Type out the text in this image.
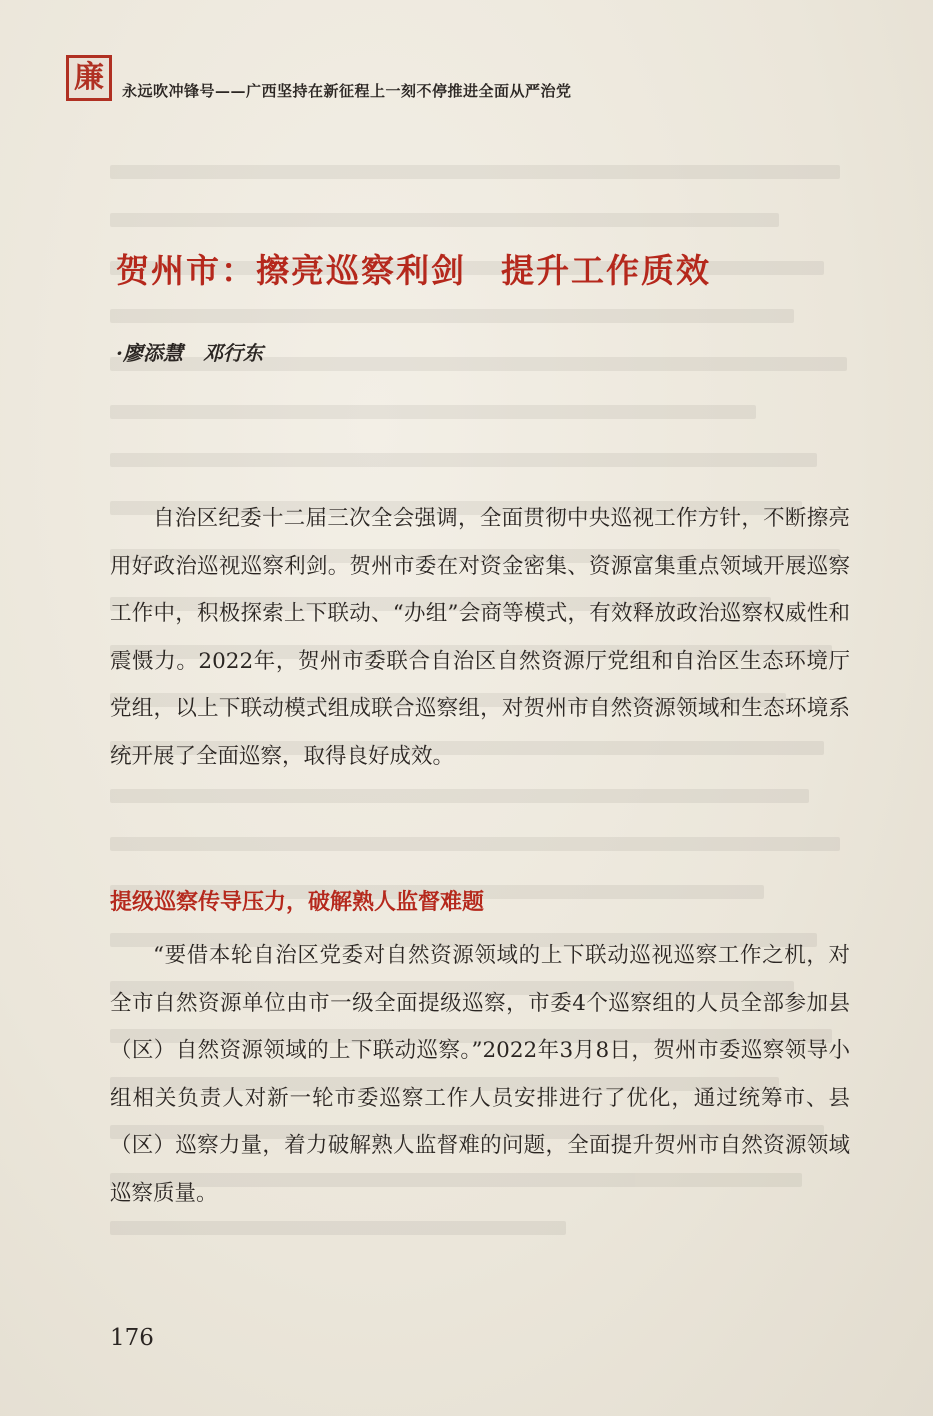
廉 永远吹冲锋号——广西坚持在新征程上一刻不停推进全面从严治党
贺州市：擦亮巡察利剑　提升工作质效
·廖添慧　邓行东

自治区纪委十二届三次全会强调，全面贯彻中央巡视工作方针，不断擦亮用好政治巡视巡察利剑。贺州市委在对资金密集、资源富集重点领域开展巡察工作中，积极探索上下联动、“办组”会商等模式，有效释放政治巡察权威性和震慑力。2022年，贺州市委联合自治区自然资源厅党组和自治区生态环境厅党组，以上下联动模式组成联合巡察组，对贺州市自然资源领域和生态环境系统开展了全面巡察，取得良好成效。

提级巡察传导压力，破解熟人监督难题

“要借本轮自治区党委对自然资源领域的上下联动巡视巡察工作之机，对全市自然资源单位由市一级全面提级巡察，市委4个巡察组的人员全部参加县（区）自然资源领域的上下联动巡察。”2022年3月8日，贺州市委巡察领导小组相关负责人对新一轮市委巡察工作人员安排进行了优化，通过统筹市、县（区）巡察力量，着力破解熟人监督难的问题，全面提升贺州市自然资源领域巡察质量。

176
